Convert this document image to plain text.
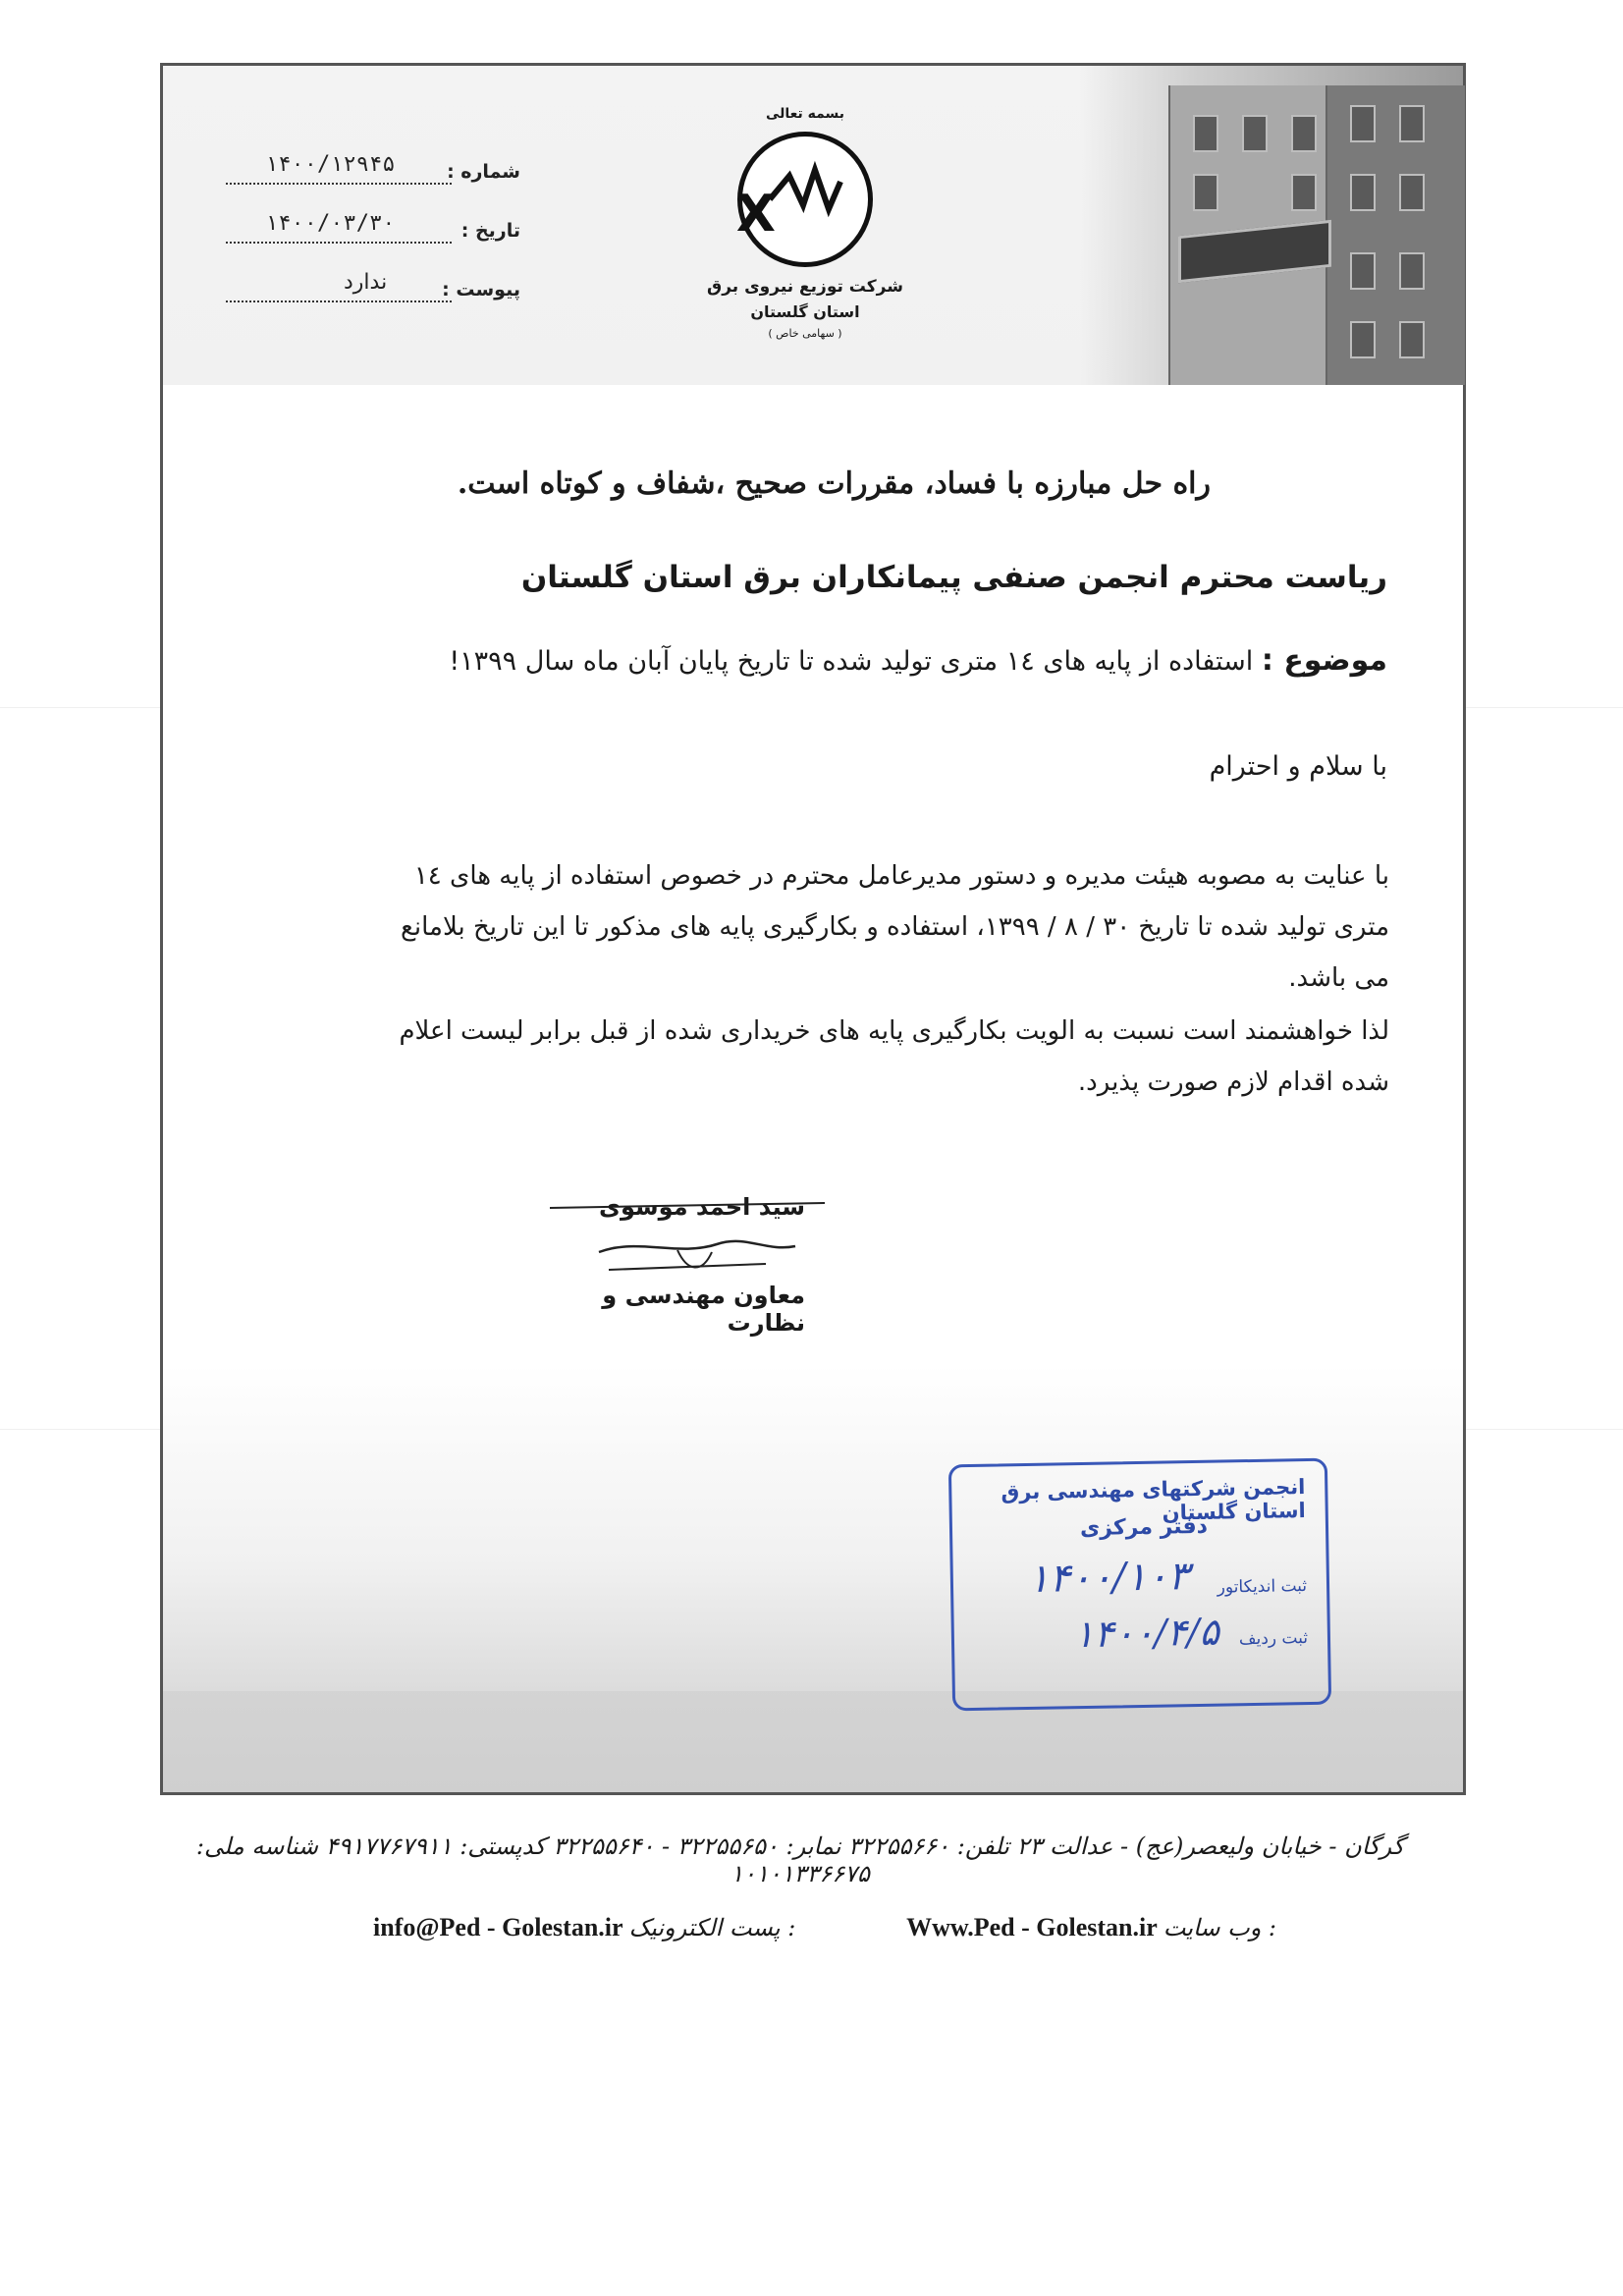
شماره :
۱۴۰۰/۱۲۹۴۵
تاریخ :
۱۴۰۰/۰۳/۳۰
پیوست :
ندارد
بسمه تعالی
X
شرکت توزیع نیروی برق
استان گلستان
( سهامی خاص )
راه حل مبارزه با فساد، مقررات صحیح ،شفاف و کوتاه است.
ریاست محترم انجمن صنفی پیمانکاران برق استان گلستان
موضوع : استفاده از پایه های ١٤ متری تولید شده تا تاریخ پایان آبان ماه سال ۱۳۹۹!
با سلام و احترام
با عنایت به مصوبه هیئت مدیره و دستور مدیرعامل محترم در خصوص استفاده از پایه های ١٤ متری تولید شده تا تاریخ ۳۰ / ۸ / ۱۳۹۹، استفاده و بکارگیری پایه های مذکور تا این تاریخ بلامانع می باشد.
لذا خواهشمند است نسبت به الویت بکارگیری پایه های خریداری شده از قبل برابر لیست اعلام شده اقدام لازم صورت پذیرد.
سید احمد موسوی
معاون مهندسی و نظارت
انجمن شرکتهای مهندسی برق استان گلستان
دفتر مرکزی
ثبت اندیکاتور
۱۴۰۰/۱۰۳
ثبت ردیف
۱۴۰۰/۴/۵
گرگان - خیابان ولیعصر(عج) - عدالت ۲۳ تلفن: ۳۲۲۵۵۶۶۰ نمابر: ۳۲۲۵۵۶۵۰ - ۳۲۲۵۵۶۴۰ کدپستی: ۴۹۱۷۷۶۷۹۱۱ شناسه ملی: ۱۰۱۰۱۳۳۶۶۷۵
info@Ped - Golestan.ir پست الکترونیک :	Www.Ped - Golestan.ir وب سایت :
